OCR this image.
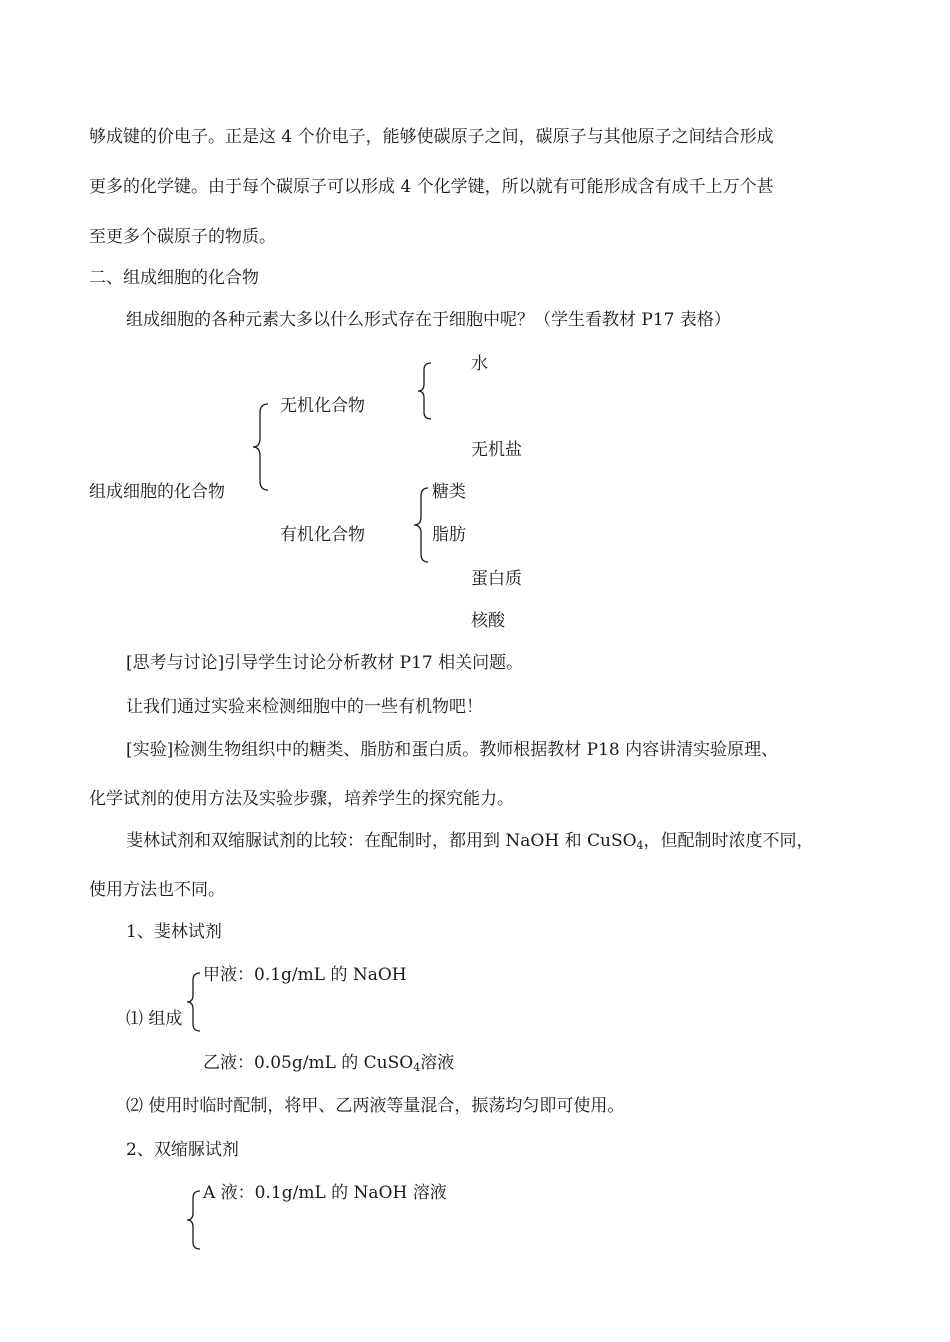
够成键的价电子。正是这 4 个价电子，能够使碳原子之间，碳原子与其他原子之间结合形成
更多的化学键。由于每个碳原子可以形成 4 个化学键，所以就有可能形成含有成千上万个甚
至更多个碳原子的物质。
二、组成细胞的化合物
组成细胞的各种元素大多以什么形式存在于细胞中呢？（学生看教材 P17 表格）
水
无机化合物
无机盐
组成细胞的化合物	糖类
有机化合物	脂肪
蛋白质
核酸
[思考与讨论]引导学生讨论分析教材 P17 相关问题。
让我们通过实验来检测细胞中的一些有机物吧！
[实验]检测生物组织中的糖类、脂肪和蛋白质。教师根据教材 P18 内容讲清实验原理、
化学试剂的使用方法及实验步骤，培养学生的探究能力。
斐林试剂和双缩脲试剂的比较：在配制时，都用到 NaOH 和 CuSO$_4$，但配制时浓度不同，
使用方法也不同。
1、斐林试剂
甲液：0.1g/mL 的 NaOH
⑴ 组成
乙液：0.05g/mL 的 CuSO$_4$溶液
⑵ 使用时临时配制，将甲、乙两液等量混合，振荡均匀即可使用。
2、双缩脲试剂
A 液：0.1g/mL 的 NaOH 溶液
